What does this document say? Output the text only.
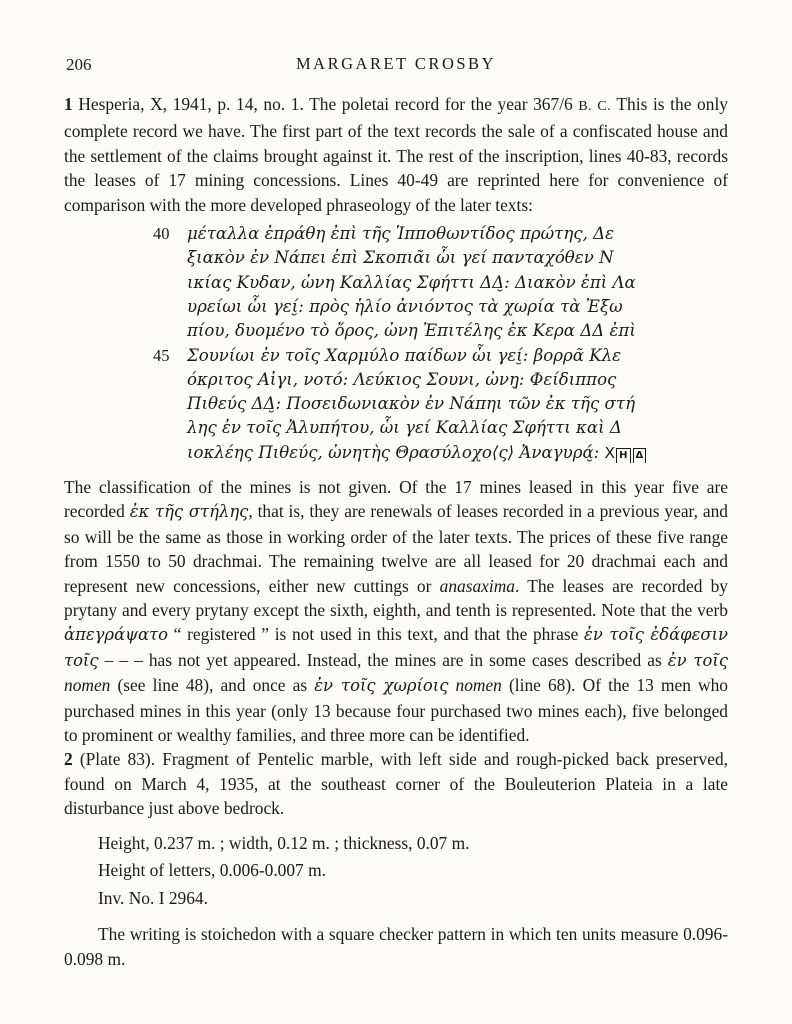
206	MARGARET CROSBY

1 Hesperia, X, 1941, p. 14, no. 1. The poletai record for the year 367/6 B. C. This is the only complete record we have. The first part of the text records the sale of a confiscated house and the settlement of the claims brought against it. The rest of the inscription, lines 40-83, records the leases of 17 mining concessions. Lines 40-49 are reprinted here for convenience of comparison with the more developed phraseology of the later texts:

40 μέταλλα ἐπράθη ἐπὶ τῆς Ἱπποθωντίδος πρώτης, Δε
ξιακὸν ἐν Νάπει ἐπὶ Σκοπιᾶι ὧι γεί πανταχόθεν Ν
ικίας Κυδαν, ὠνη Καλλίας Σφήττι ΔΔ̮: Διακὸν ἐπὶ Λα
υρείωι ὧι γεί̮: πρὸς ἡλίο ἀνιόντος τὰ χωρία τὰ Ἐξω
πίου, δυομένο τὸ ὄρος, ὠνη Ἐπιτέλης ἐκ Κερα ΔΔ ἐπὶ
45 Σουνίωι ἐν τοῖς Χαρμύλο παίδων ὧι γεί̮: βορρᾶ Κλε
όκριτος Αἰγι, νοτό: Λεύκιος Σουνι, ὠνη̮: Φείδιππος
Πιθεύς ΔΔ̮: Ποσειδωνιακὸν ἐν Νάπηι τῶν ἐκ τῆς στή
λης ἐν τοῖς Ἀλυπήτου, ὧι γεί Καλλίας Σφήττι καὶ Δ
ιοκλέης Πιθεύς, ὠνητὴς Θρασύλοχο⟨ς⟩ Ἀναγυρά̮: Χ Η Δ

The classification of the mines is not given. Of the 17 mines leased in this year five are recorded ἐκ τῆς στήλης, that is, they are renewals of leases recorded in a previous year, and so will be the same as those in working order of the later texts. The prices of these five range from 1550 to 50 drachmai. The remaining twelve are all leased for 20 drachmai each and represent new concessions, either new cuttings or anasaxima. The leases are recorded by prytany and every prytany except the sixth, eighth, and tenth is represented. Note that the verb ἀπεγράψατο “ registered ” is not used in this text, and that the phrase ἐν τοῖς ἐδάφεσιν τοῖς – – – has not yet appeared. Instead, the mines are in some cases described as ἐν τοῖς nomen (see line 48), and once as ἐν τοῖς χωρίοις nomen (line 68). Of the 13 men who purchased mines in this year (only 13 because four purchased two mines each), five belonged to prominent or wealthy families, and three more can be identified.

2 (Plate 83). Fragment of Pentelic marble, with left side and rough-picked back preserved, found on March 4, 1935, at the southeast corner of the Bouleuterion Plateia in a late disturbance just above bedrock.

Height, 0.237 m. ; width, 0.12 m. ; thickness, 0.07 m.
Height of letters, 0.006-0.007 m.
Inv. No. I 2964.

The writing is stoichedon with a square checker pattern in which ten units measure 0.096-0.098 m.
